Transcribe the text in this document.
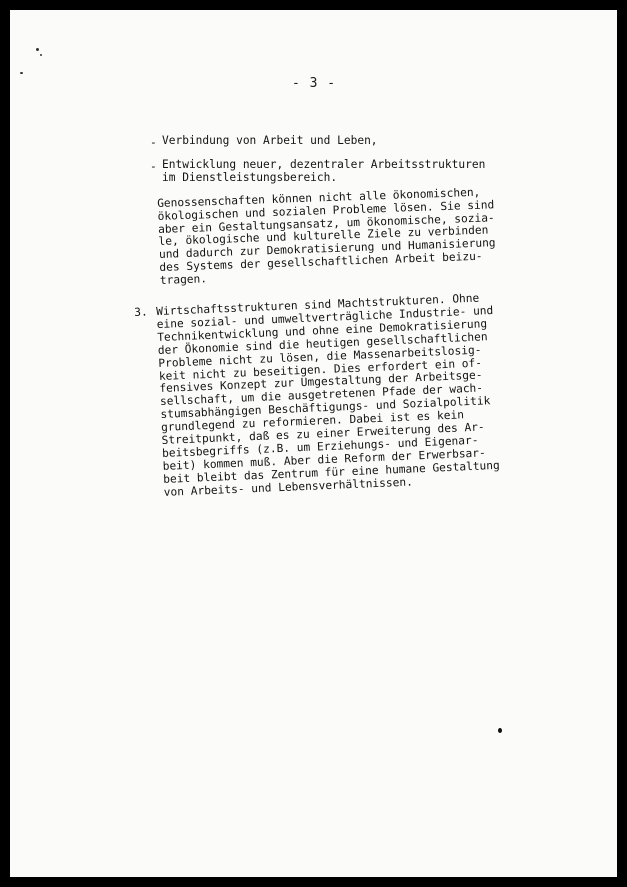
- 3 -
- Verbindung von Arbeit und Leben,
- Entwicklung neuer, dezentraler Arbeitsstrukturen
im Dienstleistungsbereich.
Genossenschaften können nicht alle ökonomischen,
ökologischen und sozialen Probleme lösen. Sie sind
aber ein Gestaltungsansatz, um ökonomische, sozia-
le, ökologische und kulturelle Ziele zu verbinden
und dadurch zur Demokratisierung und Humanisierung
des Systems der gesellschaftlichen Arbeit beizu-
tragen.
3. Wirtschaftsstrukturen sind Machtstrukturen. Ohne
eine sozial- und umweltverträgliche Industrie- und
Technikentwicklung und ohne eine Demokratisierung
der Ökonomie sind die heutigen gesellschaftlichen
Probleme nicht zu lösen, die Massenarbeitslosig-
keit nicht zu beseitigen. Dies erfordert ein of-
fensives Konzept zur Umgestaltung der Arbeitsge-
sellschaft, um die ausgetretenen Pfade der wach-
stumsabhängigen Beschäftigungs- und Sozialpolitik
grundlegend zu reformieren. Dabei ist es kein
Streitpunkt, daß es zu einer Erweiterung des Ar-
beitsbegriffs (z.B. um Erziehungs- und Eigenar-
beit) kommen muß. Aber die Reform der Erwerbsar-
beit bleibt das Zentrum für eine humane Gestaltung
von Arbeits- und Lebensverhältnissen.
